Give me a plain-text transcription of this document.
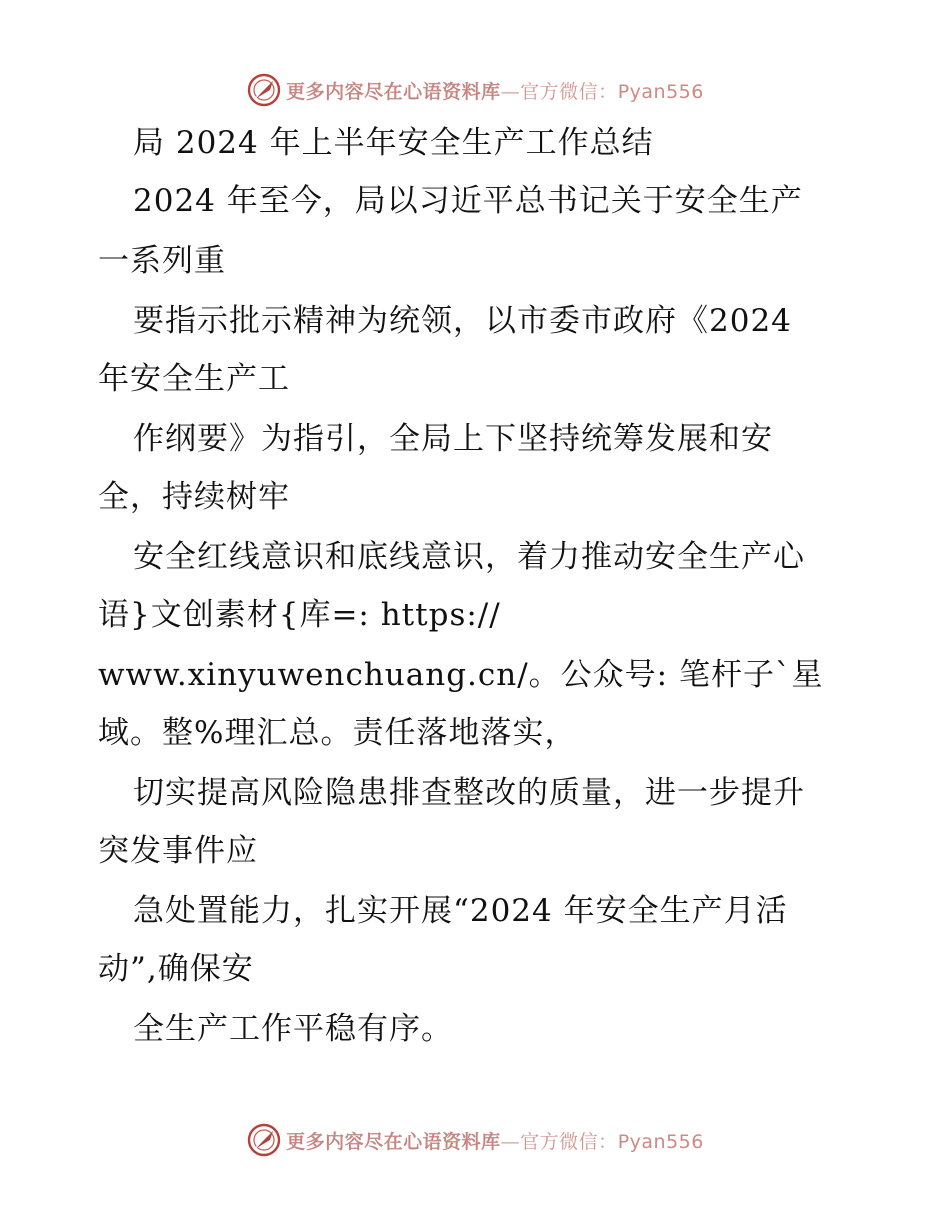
更多内容尽在心语资料库—官方微信：Pyan556
局 2024 年上半年安全生产工作总结
2024 年至今，局以习近平总书记关于安全生产
一系列重
要指示批示精神为统领，以市委市政府《2024
年安全生产工
作纲要》为指引，全局上下坚持统筹发展和安
全，持续树牢
安全红线意识和底线意识，着力推动安全生产心
语}文创素材{库=: https://
www.xinyuwenchuang.cn/。公众号: 笔杆子`星
域。整%理汇总。责任落地落实，
切实提高风险隐患排查整改的质量，进一步提升
突发事件应
急处置能力，扎实开展“2024 年安全生产月活
动”,确保安
全生产工作平稳有序。
更多内容尽在心语资料库—官方微信：Pyan556
